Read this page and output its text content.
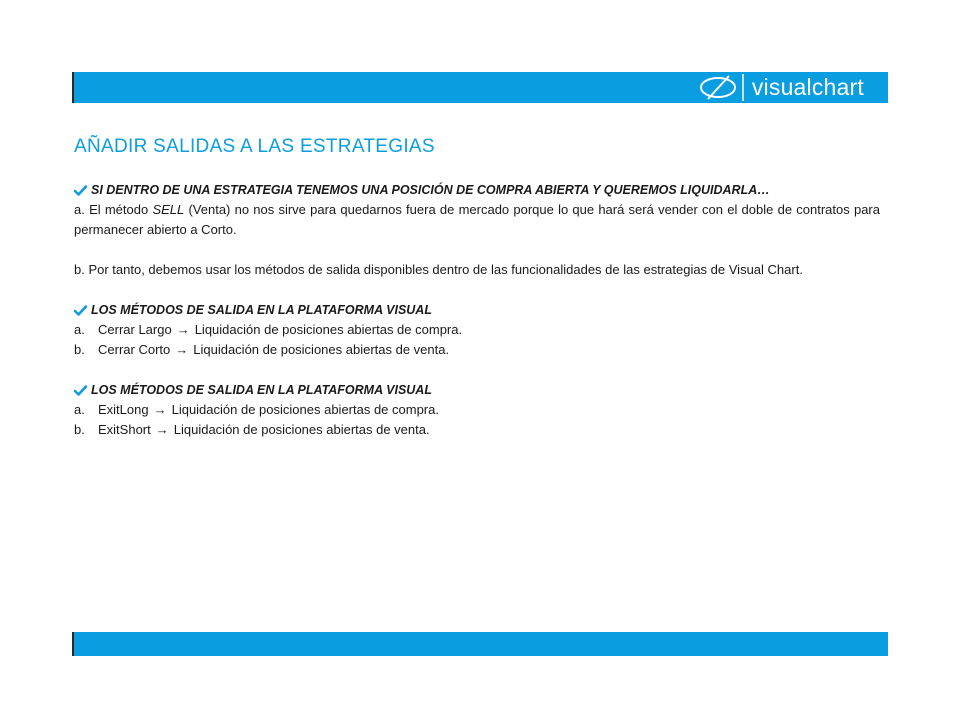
visualchart
AÑADIR SALIDAS A LAS ESTRATEGIAS
SI DENTRO DE UNA ESTRATEGIA TENEMOS UNA POSICIÓN DE COMPRA ABIERTA Y QUEREMOS LIQUIDARLA…

a. El método SELL (Venta) no nos sirve para quedarnos fuera de mercado porque lo que hará será vender con el doble de contratos para permanecer abierto a Corto.

b. Por tanto, debemos usar los métodos de salida disponibles dentro de las funcionalidades de las estrategias de Visual Chart.

LOS MÉTODOS DE SALIDA EN LA PLATAFORMA VISUAL
a.	Cerrar Largo → Liquidación de posiciones abiertas de compra.
b.	Cerrar Corto → Liquidación de posiciones abiertas de venta.
LOS MÉTODOS DE SALIDA EN LA PLATAFORMA VISUAL
a.	ExitLong → Liquidación de posiciones abiertas de compra.
b.	ExitShort → Liquidación de posiciones abiertas de venta.
